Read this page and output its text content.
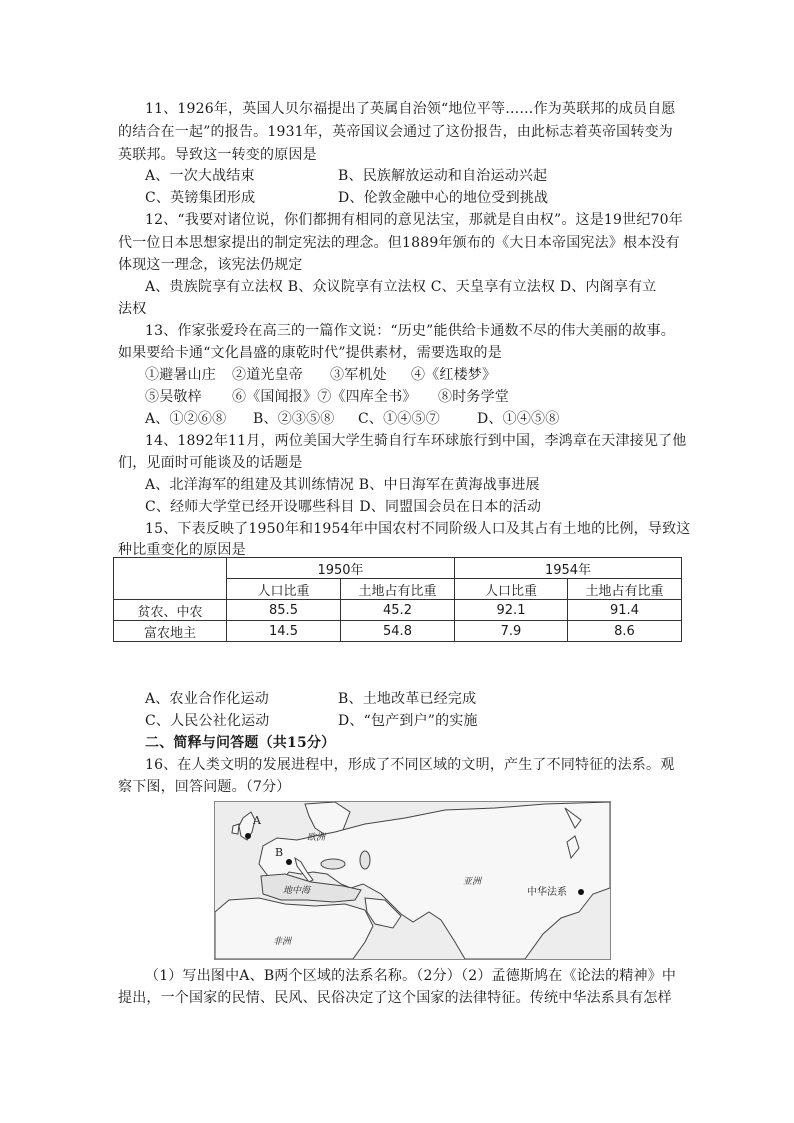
11、1926年，英国人贝尔福提出了英属自治领“地位平等……作为英联邦的成员自愿
的结合在一起”的报告。1931年，英帝国议会通过了这份报告，由此标志着英帝国转变为
英联邦。导致这一转变的原因是
A、一次大战结束	B、民族解放运动和自治运动兴起
C、英镑集团形成	D、伦敦金融中心的地位受到挑战
12、“我要对诸位说，你们都拥有相同的意见法宝，那就是自由权”。这是19世纪70年
代一位日本思想家提出的制定宪法的理念。但1889年颁布的《大日本帝国宪法》根本没有
体现这一理念，该宪法仍规定
A、贵族院享有立法权 B、众议院享有立法权 C、天皇享有立法权 D、内阁享有立
法权
13、作家张爱玲在高三的一篇作文说：“历史”能供给卡通数不尽的伟大美丽的故事。
如果要给卡通“文化昌盛的康乾时代”提供素材，需要选取的是
①避暑山庄 ②道光皇帝 ③军机处 ④《红楼梦》
⑤吴敬梓 ⑥《国闻报》⑦《四库全书》 ⑧时务学堂
A、①②⑥⑧ B、②③⑤⑧ C、①④⑤⑦	D、①④⑤⑧
14、1892年11月，两位美国大学生骑自行车环球旅行到中国，李鸿章在天津接见了他
们，见面时可能谈及的话题是
A、北洋海军的组建及其训练情况 B、中日海军在黄海战事进展
C、经师大学堂已经开设哪些科目 D、同盟国会员在日本的活动
15、下表反映了1950年和1954年中国农村不同阶级人口及其占有土地的比例，导致这
种比重变化的原因是
	1950年		1954年	
	人口比重	土地占有比重	人口比重	土地占有比重
贫农、中农	85.5	45.2	92.1	91.4
富农地主	14.5	54.8	7.9	8.6
A、农业合作化运动	B、土地改革已经完成
C、人民公社化运动	D、“包产到户”的实施
二、简释与问答题（共15分）
16、在人类文明的发展进程中，形成了不同区域的文明，产生了不同特征的法系。观
察下图，回答问题。（7分）
A
B
欧洲
亚洲
非洲
地中海	中华法系
（1）写出图中A、B两个区域的法系名称。（2分）（2）孟德斯鸠在《论法的精神》中
提出，一个国家的民情、民风、民俗决定了这个国家的法律特征。传统中华法系具有怎样
